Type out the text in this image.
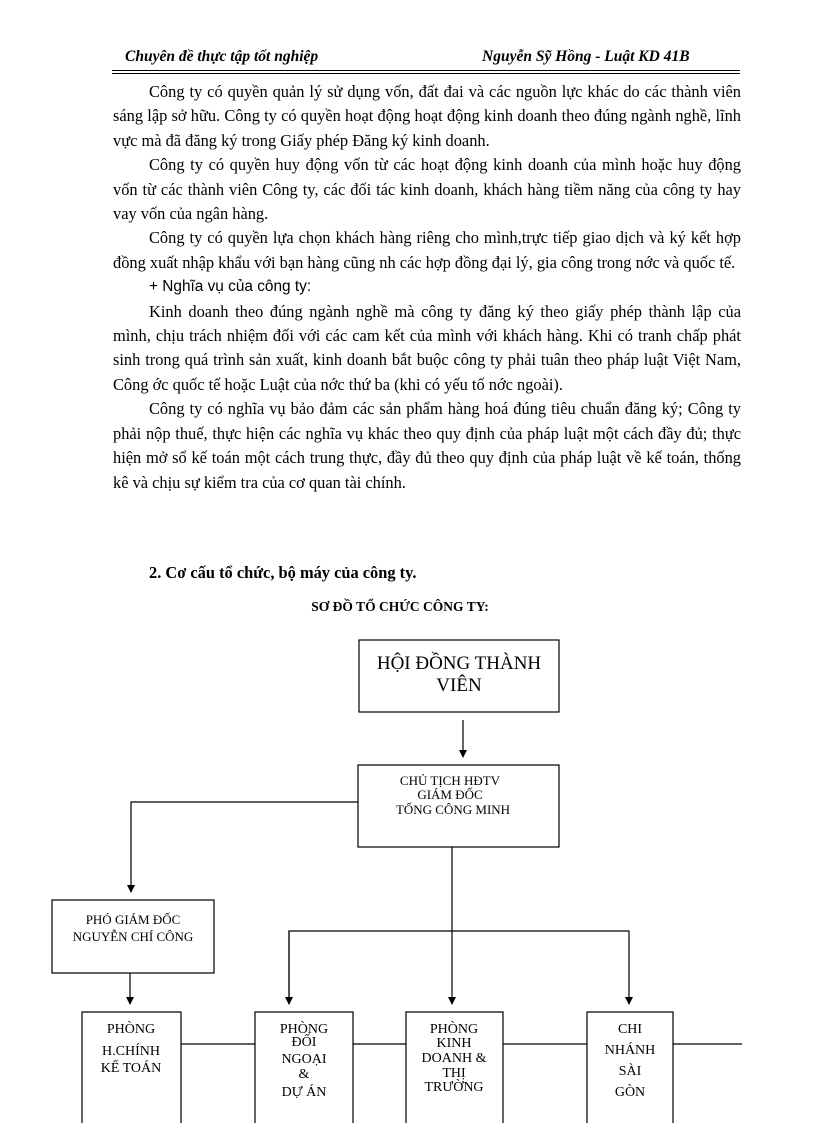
Chuyên đề thực tập tốt nghiệp	Nguyễn Sỹ Hồng - Luật KD 41B

Công ty có quyền quản lý sử dụng vốn, đất đai và các nguồn lực khác do các thành viên sáng lập sở hữu. Công ty có quyền hoạt động hoạt động kinh doanh theo đúng ngành nghề, lĩnh vực mà đã đăng ký trong Giấy phép Đăng ký kinh doanh.

Công ty có quyền huy động vốn từ các hoạt động kinh doanh của mình hoặc huy động vốn từ các thành viên Công ty, các đối tác kinh doanh, khách hàng tiềm năng của công ty hay vay vốn của ngân hàng.

Công ty có quyền lựa chọn khách hàng riêng cho mình,trực tiếp giao dịch và ký kết hợp đồng xuất nhập khẩu với bạn hàng cũng nh các hợp đồng đại lý, gia công trong nớc và quốc tế.

+ Nghĩa vụ của công ty:

Kinh doanh theo đúng ngành nghề mà công ty đăng ký theo giấy phép thành lập của mình, chịu trách nhiệm đối với các cam kết của mình với khách hàng. Khi có tranh chấp phát sinh trong quá trình sản xuất, kinh doanh bắt buộc công ty phải tuân theo pháp luật Việt Nam, Công ớc quốc tế hoặc Luật của nớc thứ ba (khi có yếu tố nớc ngoài).

Công ty có nghĩa vụ bảo đảm các sản phẩm hàng hoá đúng tiêu chuẩn đăng ký; Công ty phải nộp thuế, thực hiện các nghĩa vụ khác theo quy định của pháp luật một cách đầy đủ; thực hiện mở sổ kế toán một cách trung thực, đầy đủ theo quy định của pháp luật về kế toán, thống kê và chịu sự kiểm tra của cơ quan tài chính.

2. Cơ cấu tổ chức, bộ máy của công ty.
SƠ ĐỒ TỔ CHỨC CÔNG TY:
HỘI ĐỒNG THÀNH
VIÊN
CHỦ TỊCH HĐTV
GIÁM ĐỐC
TỐNG CÔNG MINH
PHÓ GIÁM ĐỐC
NGUYỄN CHÍ CÔNG
PHÒNG
H.CHÍNH
KẾ TOÁN
PHÒNG
ĐỐI
NGOẠI
&
DỰ ÁN
PHÒNG
KINH
DOANH &
THỊ
TRƯỜNG
CHI
NHÁNH
SÀI
GÒN
